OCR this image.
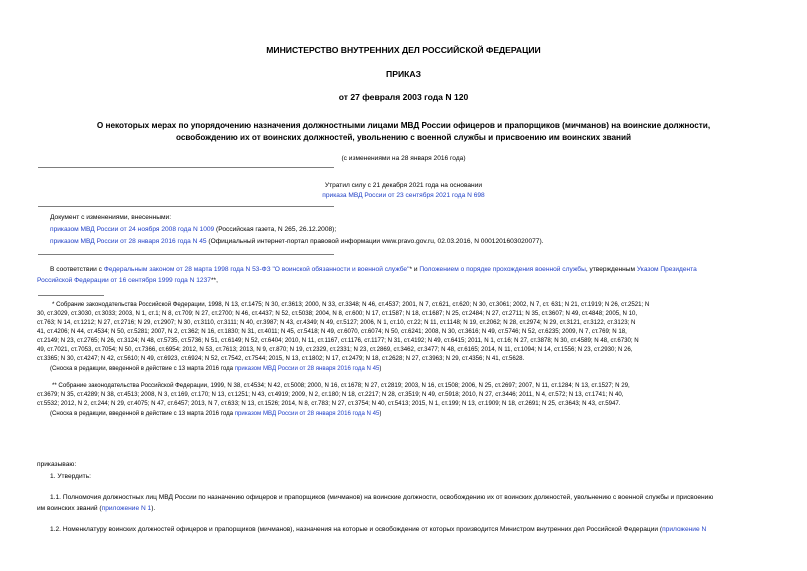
МИНИСТЕРСТВО ВНУТРЕННИХ ДЕЛ РОССИЙСКОЙ ФЕДЕРАЦИИ
ПРИКАЗ
от 27 февраля 2003 года N 120
О некоторых мерах по упорядочению назначения должностными лицами МВД России офицеров и прапорщиков (мичманов) на воинские должности,
освобождению их от воинских должностей, увольнению с военной службы и присвоению им воинских званий
(с изменениями на 28 января 2016 года)
Утратил силу с 21 декабря 2021 года на основании
приказа МВД России от 23 сентября 2021 года N 698
Документ с изменениями, внесенными:
приказом МВД России от 24 ноября 2008 года N 1009 (Российская газета, N 265, 26.12.2008);
приказом МВД России от 28 января 2016 года N 45 (Официальный интернет-портал правовой информации www.pravo.gov.ru, 02.03.2016, N 0001201603020077).
В соответствии с Федеральным законом от 28 марта 1998 года N 53-ФЗ "О воинской обязанности и военной службе"* и Положением о порядке прохождения военной службы, утвержденным Указом Президента
Российской Федерации от 16 сентября 1999 года N 1237**,
* Собрание законодательства Российской Федерации, 1998, N 13, ст.1475; N 30, ст.3613; 2000, N 33, ст.3348; N 46, ст.4537; 2001, N 7, ст.621, ст.620; N 30, ст.3061; 2002, N 7, ст. 631; N 21, ст.1919; N 26, ст.2521; N
30, ст.3029, ст.3030, ст.3033; 2003, N 1, ст.1; N 8, ст.709; N 27, ст.2700; N 46, ст.4437; N 52, ст.5038; 2004, N 8, ст.600; N 17, ст.1587; N 18, ст.1687; N 25, ст.2484; N 27, ст.2711; N 35, ст.3607; N 49, ст.4848; 2005, N 10,
ст.763; N 14, ст.1212; N 27, ст.2716; N 29, ст.2907; N 30, ст.3110, ст.3111; N 40, ст.3987; N 43, ст.4349; N 49, ст.5127; 2006, N 1, ст.10, ст.22; N 11, ст.1148; N 19, ст.2062; N 28, ст.2974; N 29, ст.3121, ст.3122, ст.3123; N
41, ст.4206; N 44, ст.4534; N 50, ст.5281; 2007, N 2, ст.362; N 16, ст.1830; N 31, ст.4011; N 45, ст.5418; N 49, ст.6070, ст.6074; N 50, ст.6241; 2008, N 30, ст.3616; N 49, ст.5746; N 52, ст.6235; 2009, N 7, ст.769; N 18,
ст.2149; N 23, ст.2765; N 26, ст.3124; N 48, ст.5735, ст.5736; N 51, ст.6149; N 52, ст.6404; 2010, N 11, ст.1167, ст.1176, ст.1177; N 31, ст.4192; N 49, ст.6415; 2011, N 1, ст.16; N 27, ст.3878; N 30, ст.4589; N 48, ст.6730; N
49, ст.7021, ст.7053, ст.7054; N 50, ст.7366, ст.6954; 2012, N 53, ст.7613; 2013, N 9, ст.870; N 19, ст.2329, ст.2331; N 23, ст.2869, ст.3462, ст.3477; N 48, ст.6165; 2014, N 11, ст.1094; N 14, ст.1556; N 23, ст.2930; N 26,
ст.3365; N 30, ст.4247; N 42, ст.5610; N 49, ст.6923, ст.6924; N 52, ст.7542, ст.7544; 2015, N 13, ст.1802; N 17, ст.2479; N 18, ст.2628; N 27, ст.3963; N 29, ст.4356; N 41, ст.5628.
(Сноска в редакции, введенной в действие с 13 марта 2016 года приказом МВД России от 28 января 2016 года N 45)
** Собрание законодательства Российской Федерации, 1999, N 38, ст.4534; N 42, ст.5008; 2000, N 16, ст.1678; N 27, ст.2819; 2003, N 16, ст.1508; 2006, N 25, ст.2697; 2007, N 11, ст.1284; N 13, ст.1527; N 29,
ст.3679; N 35, ст.4289; N 38, ст.4513; 2008, N 3, ст.169, ст.170; N 13, ст.1251; N 43, ст.4919; 2009, N 2, ст.180; N 18, ст.2217; N 28, ст.3519; N 49, ст.5918; 2010, N 27, ст.3446; 2011, N 4, ст.572; N 13, ст.1741; N 40,
ст.5532; 2012, N 2, ст.244; N 29, ст.4075; N 47, ст.6457; 2013, N 7, ст.633; N 13, ст.1526; 2014, N 8, ст.783; N 27, ст.3754; N 40, ст.5413; 2015, N 1, ст.199; N 13, ст.1909; N 18, ст.2691; N 25, ст.3643; N 43, ст.5947.
(Сноска в редакции, введенной в действие с 13 марта 2016 года приказом МВД России от 28 января 2016 года N 45)
приказываю:
1. Утвердить:
1.1. Полномочия должностных лиц МВД России по назначению офицеров и прапорщиков (мичманов) на воинские должности, освобождению их от воинских должностей, увольнению с военной службы и присвоению
им воинских званий (приложение N 1).
1.2. Номенклатуру воинских должностей офицеров и прапорщиков (мичманов), назначения на которые и освобождение от которых производится Министром внутренних дел Российской Федерации (приложение N
